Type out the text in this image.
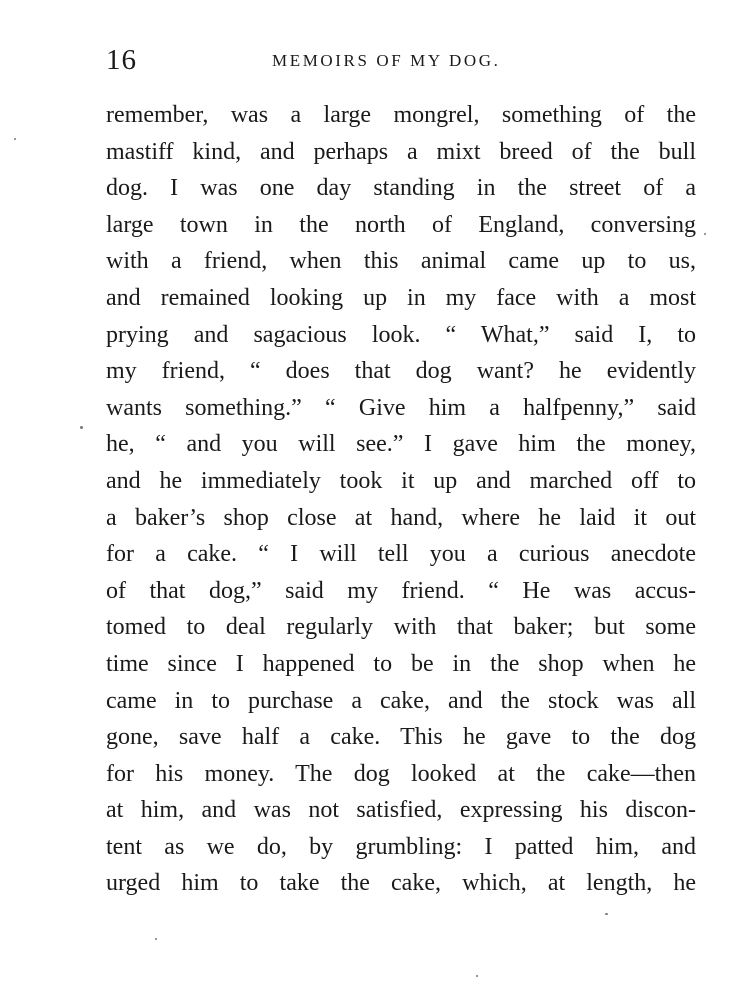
16	MEMOIRS OF MY DOG.
remember, was a large mongrel, something of the
mastiff kind, and perhaps a mixt breed of the bull
dog. I was one day standing in the street of a
large town in the north of England, conversing
with a friend, when this animal came up to us,
and remained looking up in my face with a most
prying and sagacious look. “ What,” said I, to
my friend, “ does that dog want? he evidently
wants something.” “ Give him a halfpenny,” said
he, “ and you will see.” I gave him the money,
and he immediately took it up and marched off to
a baker’s shop close at hand, where he laid it out
for a cake. “ I will tell you a curious anecdote
of that dog,” said my friend. “ He was accus-
tomed to deal regularly with that baker; but some
time since I happened to be in the shop when he
came in to purchase a cake, and the stock was all
gone, save half a cake. This he gave to the dog
for his money. The dog looked at the cake—then
at him, and was not satisfied, expressing his discon-
tent as we do, by grumbling: I patted him, and
urged him to take the cake, which, at length, he
